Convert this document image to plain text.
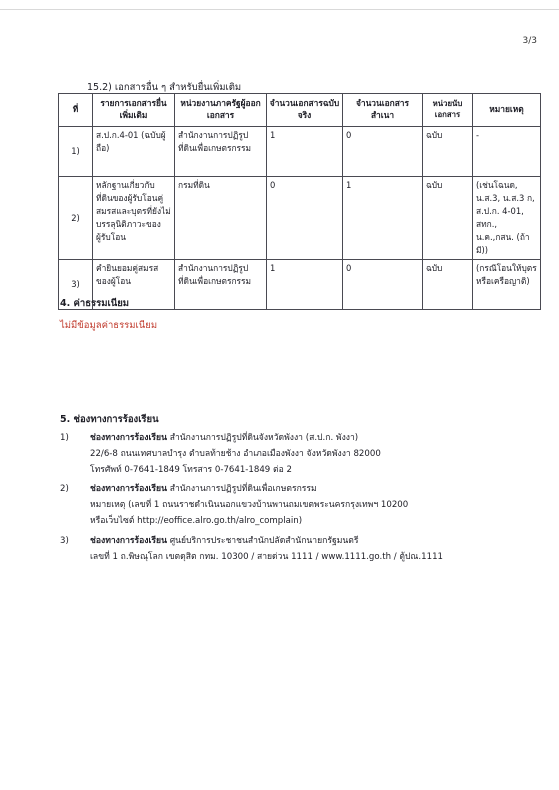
3/3
15.2) เอกสารอื่น ๆ สำหรับยื่นเพิ่มเติม
ที่	รายการเอกสารยื่นเพิ่มเติม	หน่วยงานภาครัฐผู้ออกเอกสาร	จำนวนเอกสารฉบับจริง	จำนวนเอกสารสำเนา	หน่วยนับเอกสาร	หมายเหตุ
1)	ส.ป.ก.4-01 (ฉบับผู้ถือ)	สำนักงานการปฏิรูปที่ดินเพื่อเกษตรกรรม	1	0	ฉบับ	-
2)	หลักฐานเกี่ยวกับที่ดินของผู้รับโอนคู่สมรสและบุตรที่ยังไม่บรรลุนิติภาวะของผู้รับโอน	กรมที่ดิน	0	1	ฉบับ	(เช่นโฉนด, น.ส.3, น.ส.3 ก, ส.ป.ก. 4-01, สทก., น.ค.,กสน. (ถ้ามี))
3)	คำยินยอมคู่สมรสของผู้โอน	สำนักงานการปฏิรูปที่ดินเพื่อเกษตรกรรม	1	0	ฉบับ	(กรณีโอนให้บุตรหรือเครือญาติ)
4. ค่าธรรมเนียม
ไม่มีข้อมูลค่าธรรมเนียม
5. ช่องทางการร้องเรียน
1)	ช่องทางการร้องเรียน สำนักงานการปฏิรูปที่ดินจังหวัดพังงา (ส.ป.ก. พังงา)
22/6-8 ถนนเทศบาลบำรุง ตำบลท้ายช้าง อำเภอเมืองพังงา จังหวัดพังงา 82000
โทรศัพท์ 0-7641-1849 โทรสาร 0-7641-1849 ต่อ 2
2)	ช่องทางการร้องเรียน สำนักงานการปฏิรูปที่ดินเพื่อเกษตรกรรม
หมายเหตุ (เลขที่ 1 ถนนราชดำเนินนอกแขวงบ้านพานถมเขตพระนครกรุงเทพฯ 10200
หรือเว็บไซต์ http://eoffice.alro.go.th/alro_complain)
3)	ช่องทางการร้องเรียน ศูนย์บริการประชาชนสำนักปลัดสำนักนายกรัฐมนตรี
เลขที่ 1 ถ.พิษณุโลก เขตดุสิต กทม. 10300 / สายด่วน 1111 / www.1111.go.th / ตู้ปณ.1111
